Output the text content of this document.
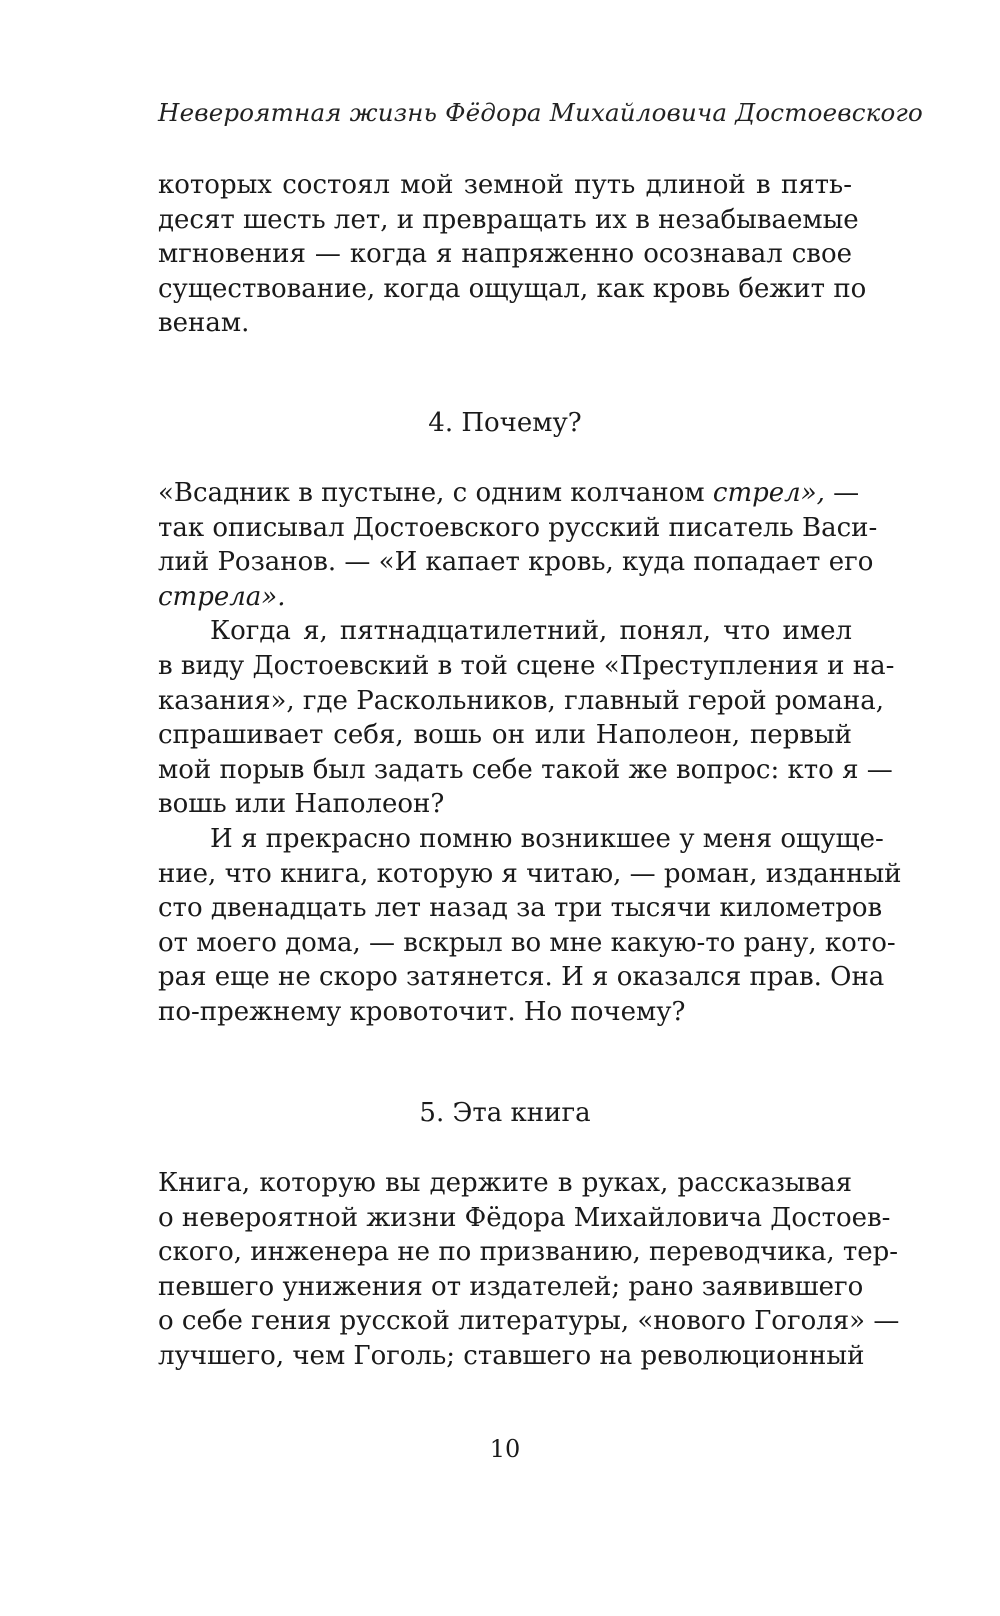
Невероятная жизнь Фёдора Михайловича Достоевского
которых состоял мой земной путь длиной в пять-
десят шесть лет, и превращать их в незабываемые
мгновения — когда я напряженно осознавал свое
существование, когда ощущал, как кровь бежит по
венам.
4. Почему?
«Всадник в пустыне, с одним колчаном стрел», —
так описывал Достоевского русский писатель Васи-
лий Розанов. — «И капает кровь, куда попадает его
стрела».
Когда я, пятнадцатилетний, понял, что имел
в виду Достоевский в той сцене «Преступления и на-
казания», где Раскольников, главный герой романа,
спрашивает себя, вошь он или Наполеон, первый
мой порыв был задать себе такой же вопрос: кто я —
вошь или Наполеон?
И я прекрасно помню возникшее у меня ощуще-
ние, что книга, которую я читаю, — роман, изданный
сто двенадцать лет назад за три тысячи километров
от моего дома, — вскрыл во мне какую-то рану, кото-
рая еще не скоро затянется. И я оказался прав. Она
по-прежнему кровоточит. Но почему?
5. Эта книга
Книга, которую вы держите в руках, рассказывая
о невероятной жизни Фёдора Михайловича Достоев-
ского, инженера не по призванию, переводчика, тер-
певшего унижения от издателей; рано заявившего
о себе гения русской литературы, «нового Гоголя» —
лучшего, чем Гоголь; ставшего на революционный
10
